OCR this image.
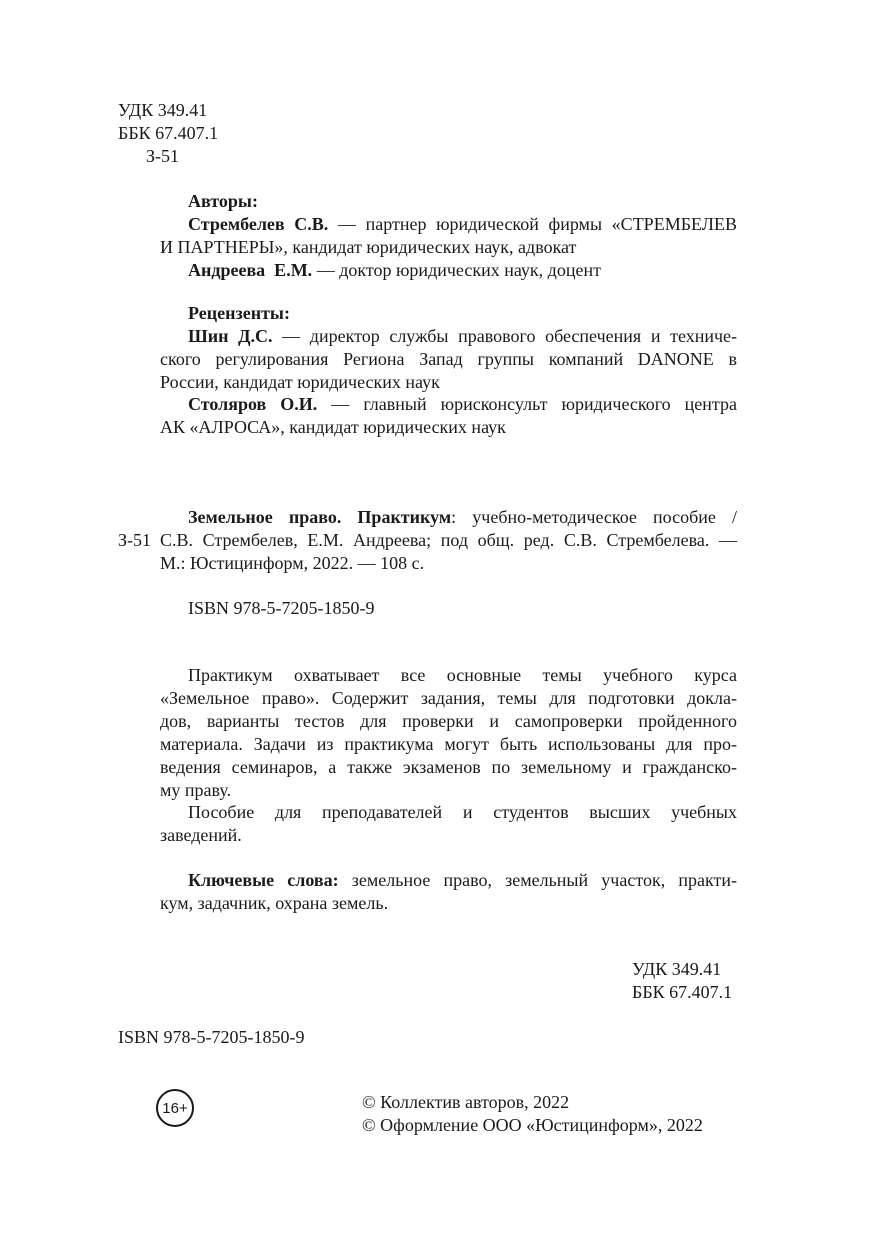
УДК 349.41
ББК 67.407.1
З-51
Авторы:
Стрембелев С.В. — партнер юридической фирмы «СТРЕМБЕЛЕВ
И ПАРТНЕРЫ», кандидат юридических наук, адвокат
Андреева  Е.М. — доктор юридических наук, доцент
Рецензенты:
Шин Д.С. — директор службы правового обеспечения и техниче-
ского регулирования Региона Запад группы компаний DANONE в
России, кандидат юридических наук
Столяров О.И. — главный юрисконсульт юридического центра
АК «АЛРОСА», кандидат юридических наук
Земельное право. Практикум: учебно-методическое пособие /
З-51 С.В. Стрембелев, Е.М. Андреева; под общ. ред. С.В. Стрембелева. —
М.: Юстицинформ, 2022. — 108 с.
ISBN 978-5-7205-1850-9
Практикум охватывает все основные темы учебного курса
«Земельное право». Содержит задания, темы для подготовки докла-
дов, варианты тестов для проверки и самопроверки пройденного
материала. Задачи из практикума могут быть использованы для про-
ведения семинаров, а также экзаменов по земельному и гражданско-
му праву.
Пособие для преподавателей и студентов высших учебных
заведений.
Ключевые слова: земельное право, земельный участок, практи-
кум, задачник, охрана земель.
УДК 349.41
ББК 67.407.1
ISBN 978-5-7205-1850-9
16+	© Коллектив авторов, 2022
© Оформление ООО «Юстицинформ», 2022
